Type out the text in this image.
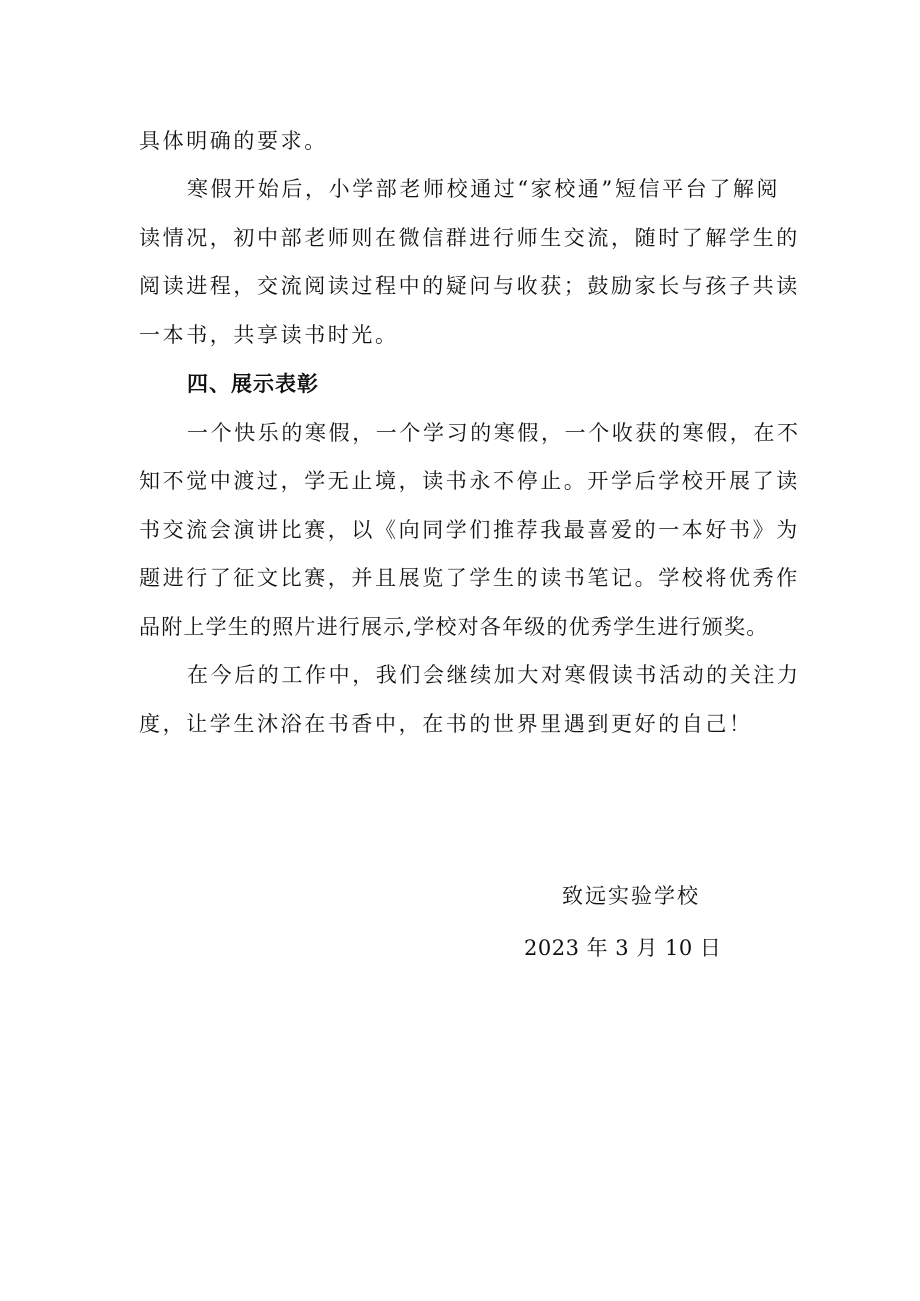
具体明确的要求。
寒假开始后，小学部老师校通过“家校通”短信平台了解阅
读情况，初中部老师则在微信群进行师生交流，随时了解学生的
阅读进程，交流阅读过程中的疑问与收获；鼓励家长与孩子共读
一本书，共享读书时光。
四、展示表彰
一个快乐的寒假，一个学习的寒假，一个收获的寒假，在不
知不觉中渡过，学无止境，读书永不停止。开学后学校开展了读
书交流会演讲比赛，以《向同学们推荐我最喜爱的一本好书》为
题进行了征文比赛，并且展览了学生的读书笔记。学校将优秀作
品附上学生的照片进行展示,学校对各年级的优秀学生进行颁奖。
在今后的工作中，我们会继续加大对寒假读书活动的关注力
度，让学生沐浴在书香中，在书的世界里遇到更好的自己！
致远实验学校
2023 年 3 月 10 日
